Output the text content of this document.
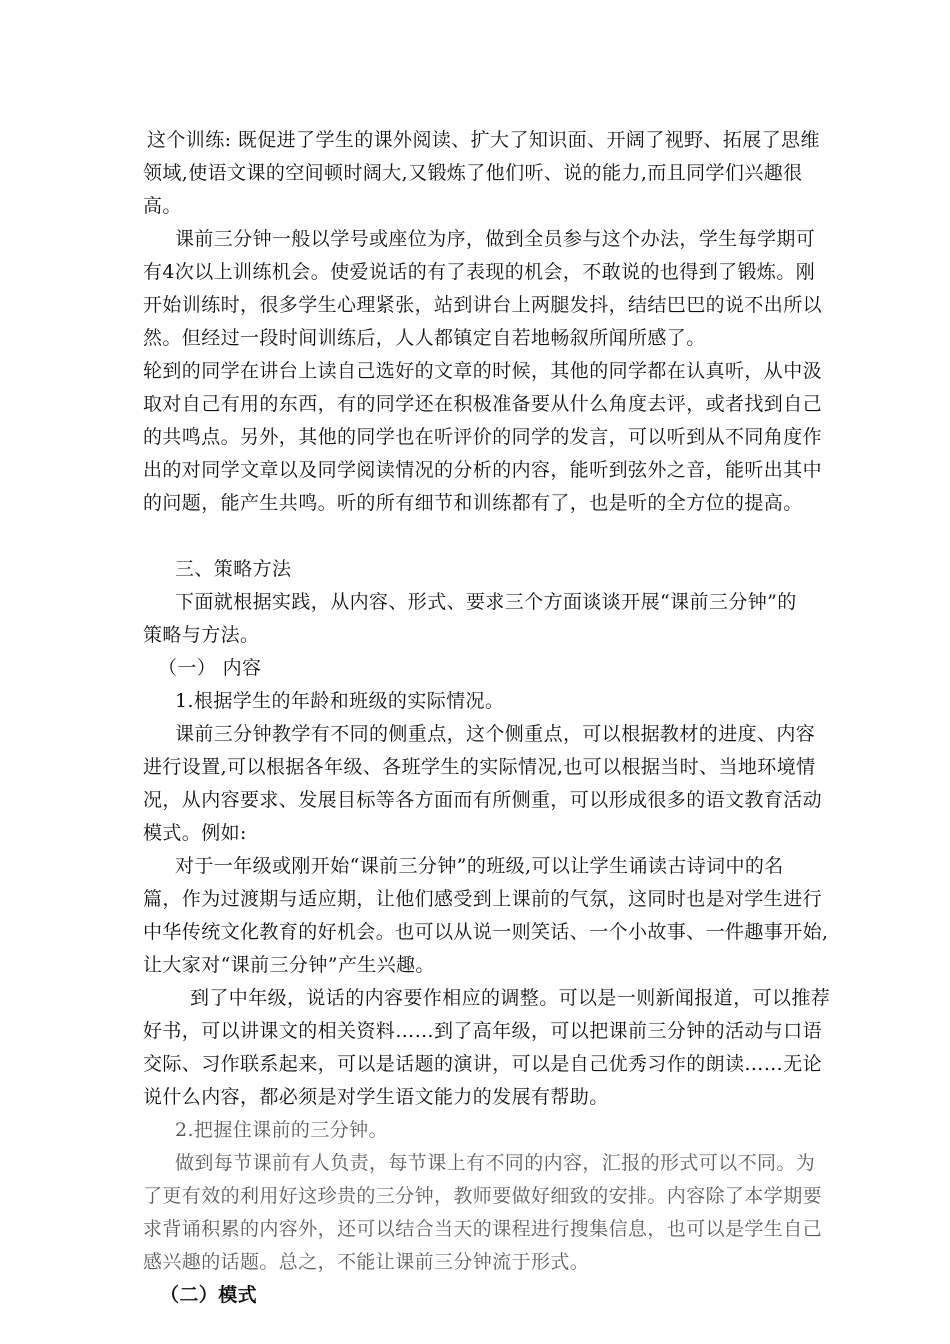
这个训练: 既促进了学生的课外阅读、扩大了知识面、开阔了视野、拓展了思维
领域,使语文课的空间顿时阔大,又锻炼了他们听、说的能力,而且同学们兴趣很
高。
课前三分钟一般以学号或座位为序，做到全员参与这个办法，学生每学期可
有4次以上训练机会。使爱说话的有了表现的机会，不敢说的也得到了锻炼。刚
开始训练时，很多学生心理紧张，站到讲台上两腿发抖，结结巴巴的说不出所以
然。但经过一段时间训练后，人人都镇定自若地畅叙所闻所感了。
轮到的同学在讲台上读自己选好的文章的时候，其他的同学都在认真听，从中汲
取对自己有用的东西，有的同学还在积极准备要从什么角度去评，或者找到自己
的共鸣点。另外，其他的同学也在听评价的同学的发言，可以听到从不同角度作
出的对同学文章以及同学阅读情况的分析的内容，能听到弦外之音，能听出其中
的问题，能产生共鸣。听的所有细节和训练都有了，也是听的全方位的提高。
三、策略方法
下面就根据实践，从内容、形式、要求三个方面谈谈开展“课前三分钟”的
策略与方法。
（一） 内容
1.根据学生的年龄和班级的实际情况。
课前三分钟教学有不同的侧重点，这个侧重点，可以根据教材的进度、内容
进行设置,可以根据各年级、各班学生的实际情况,也可以根据当时、当地环境情
况，从内容要求、发展目标等各方面而有所侧重，可以形成很多的语文教育活动
模式。例如:
对于一年级或刚开始“课前三分钟”的班级,可以让学生诵读古诗词中的名
篇，作为过渡期与适应期，让他们感受到上课前的气氛，这同时也是对学生进行
中华传统文化教育的好机会。也可以从说一则笑话、一个小故事、一件趣事开始,
让大家对“课前三分钟”产生兴趣。
到了中年级，说话的内容要作相应的调整。可以是一则新闻报道，可以推荐
好书，可以讲课文的相关资料……到了高年级，可以把课前三分钟的活动与口语
交际、习作联系起来，可以是话题的演讲，可以是自己优秀习作的朗读……无论
说什么内容，都必须是对学生语文能力的发展有帮助。
2.把握住课前的三分钟。
做到每节课前有人负责，每节课上有不同的内容，汇报的形式可以不同。为
了更有效的利用好这珍贵的三分钟，教师要做好细致的安排。内容除了本学期要
求背诵积累的内容外，还可以结合当天的课程进行搜集信息，也可以是学生自己
感兴趣的话题。总之，不能让课前三分钟流于形式。
（二）模式
